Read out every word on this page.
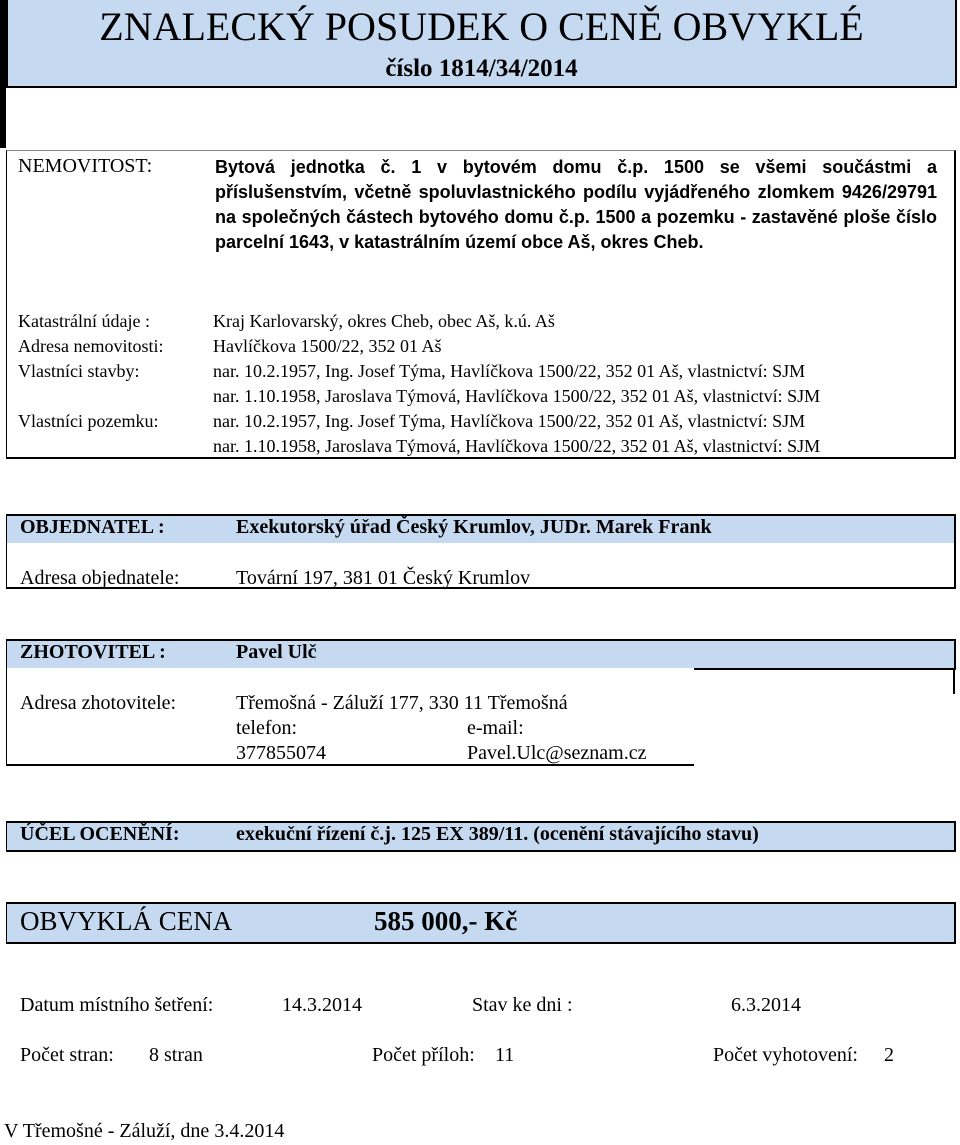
ZNALECKÝ POSUDEK O CENĚ OBVYKLÉ
číslo 1814/34/2014
NEMOVITOST:	Bytová jednotka č. 1 v bytovém domu č.p. 1500 se všemi součástmi a příslušenstvím, včetně spoluvlastnického podílu vyjádřeného zlomkem 9426/29791 na společných částech bytového domu č.p. 1500 a pozemku - zastavěné ploše číslo parcelní 1643, v katastrálním území obce Aš, okres Cheb.
Katastrální údaje :	Kraj Karlovarský, okres Cheb, obec Aš, k.ú. Aš
Adresa nemovitosti:	Havlíčkova 1500/22, 352 01 Aš
Vlastníci stavby:	nar. 10.2.1957, Ing. Josef Týma, Havlíčkova 1500/22, 352 01 Aš, vlastnictví: SJM
nar. 1.10.1958, Jaroslava Týmová, Havlíčkova 1500/22, 352 01 Aš, vlastnictví: SJM
Vlastníci pozemku:	nar. 10.2.1957, Ing. Josef Týma, Havlíčkova 1500/22, 352 01 Aš, vlastnictví: SJM
nar. 1.10.1958, Jaroslava Týmová, Havlíčkova 1500/22, 352 01 Aš, vlastnictví: SJM
OBJEDNATEL :	Exekutorský úřad Český Krumlov, JUDr. Marek Frank
Adresa objednatele:	Tovární 197, 381 01 Český Krumlov
ZHOTOVITEL :	Pavel Ulč
Adresa zhotovitele:	Třemošná - Záluží 177, 330 11 Třemošná
telefon:	e-mail:
377855074	Pavel.Ulc@seznam.cz
ÚČEL OCENĚNÍ:	exekuční řízení č.j. 125 EX 389/11. (ocenění stávajícího stavu)
OBVYKLÁ CENA	585 000,- Kč
Datum místního šetření:	14.3.2014	Stav ke dni :	6.3.2014
Počet stran: 8 stran	Počet příloh: 11	Počet vyhotovení: 2
V Třemošné - Záluží, dne 3.4.2014
